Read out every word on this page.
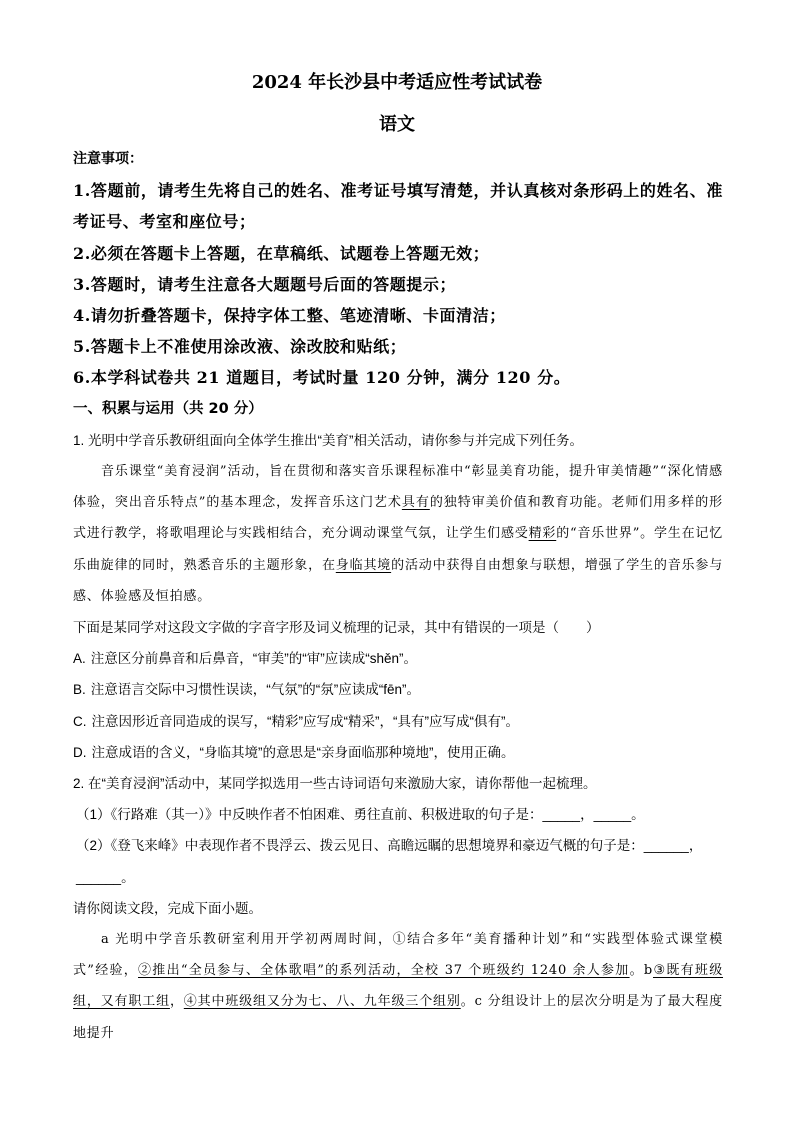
2024 年长沙县中考适应性考试试卷
语文
注意事项：
1.答题前，请考生先将自己的姓名、准考证号填写清楚，并认真核对条形码上的姓名、准考证号、考室和座位号；
2.必须在答题卡上答题，在草稿纸、试题卷上答题无效；
3.答题时，请考生注意各大题题号后面的答题提示；
4.请勿折叠答题卡，保持字体工整、笔迹清晰、卡面清洁；
5.答题卡上不准使用涂改液、涂改胶和贴纸；
6.本学科试卷共 21 道题目，考试时量 120 分钟，满分 120 分。
一、积累与运用（共 20 分）
1. 光明中学音乐教研组面向全体学生推出“美育”相关活动，请你参与并完成下列任务。
音乐课堂“美育浸润”活动，旨在贯彻和落实音乐课程标准中“彰显美育功能，提升审美情趣”“深化情感体验，突出音乐特点”的基本理念，发挥音乐这门艺术具有的独特审美价值和教育功能。老师们用多样的形式进行教学，将歌唱理论与实践相结合，充分调动课堂气氛，让学生们感受精彩的“音乐世界”。学生在记忆乐曲旋律的同时，熟悉音乐的主题形象，在身临其境的活动中获得自由想象与联想，增强了学生的音乐参与感、体验感及恒拍感。
下面是某同学对这段文字做的字音字形及词义梳理的记录，其中有错误的一项是（　　）
A. 注意区分前鼻音和后鼻音，“审美”的“审”应读成“shěn”。
B. 注意语言交际中习惯性误读，“气氛”的“氛”应读成“fēn”。
C. 注意因形近音同造成的误写，“精彩”应写成“精采”，“具有”应写成“俱有”。
D. 注意成语的含义，“身临其境”的意思是“亲身面临那种境地”，使用正确。
2. 在“美育浸润”活动中，某同学拟选用一些古诗词语句来激励大家，请你帮他一起梳理。
（1）《行路难（其一）》中反映作者不怕困难、勇往直前、积极进取的句子是：_____，_____。
（2）《登飞来峰》中表现作者不畏浮云、拨云见日、高瞻远瞩的思想境界和豪迈气概的句子是：______，
______。
请你阅读文段，完成下面小题。
a 光明中学音乐教研室利用开学初两周时间，①结合多年“美育播种计划”和“实践型体验式课堂模式”经验，②推出“全员参与、全体歌唱”的系列活动，全校 37 个班级约 1240 余人参加。b③既有班级组，又有职工组，④其中班级组又分为七、八、九年级三个组别。c 分组设计上的层次分明是为了最大程度地提升
